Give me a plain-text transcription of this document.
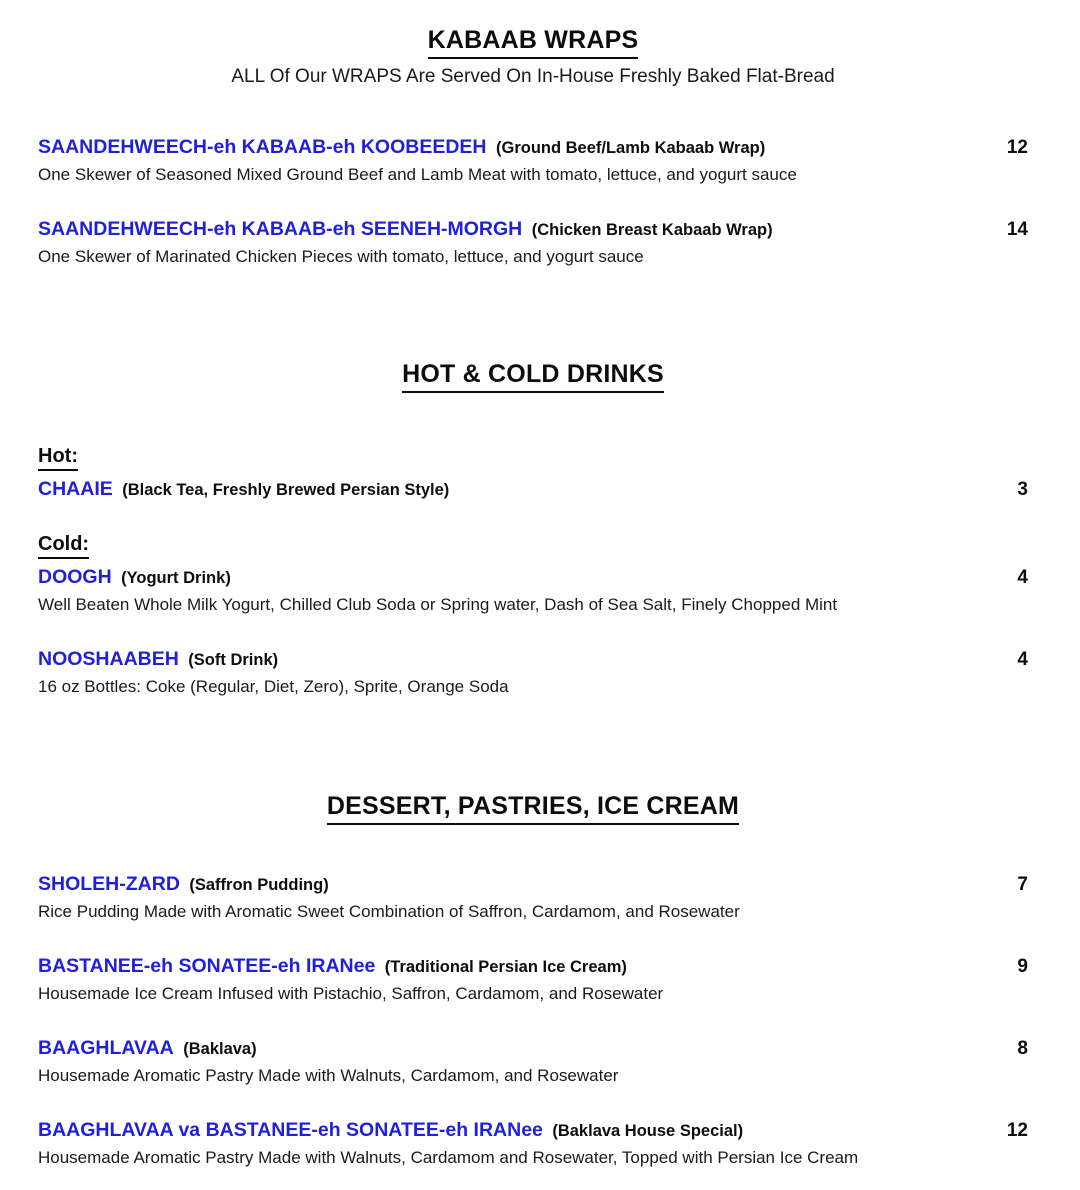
KABAAB WRAPS
ALL Of Our WRAPS Are Served On In-House Freshly Baked Flat-Bread
SAANDEHWEECH-eh KABAAB-eh KOOBEEDEH (Ground Beef/Lamb Kabaab Wrap)	12
One Skewer of Seasoned Mixed Ground Beef and Lamb Meat with tomato, lettuce, and yogurt sauce
SAANDEHWEECH-eh KABAAB-eh SEENEH-MORGH (Chicken Breast Kabaab Wrap)	14
One Skewer of Marinated Chicken Pieces with tomato, lettuce, and yogurt sauce
HOT & COLD DRINKS
Hot:
CHAAIE (Black Tea, Freshly Brewed Persian Style)	3
Cold:
DOOGH (Yogurt Drink)	4
Well Beaten Whole Milk Yogurt, Chilled Club Soda or Spring water, Dash of Sea Salt, Finely Chopped Mint
NOOSHAABEH (Soft Drink)	4
16 oz Bottles: Coke (Regular, Diet, Zero), Sprite, Orange Soda
DESSERT, PASTRIES, ICE CREAM
SHOLEH-ZARD (Saffron Pudding)	7
Rice Pudding Made with Aromatic Sweet Combination of Saffron, Cardamom, and Rosewater
BASTANEE-eh SONATEE-eh IRANee (Traditional Persian Ice Cream)	9
Housemade Ice Cream Infused with Pistachio, Saffron, Cardamom, and Rosewater
BAAGHLAVAA (Baklava)	8
Housemade Aromatic Pastry Made with Walnuts, Cardamom, and Rosewater
BAAGHLAVAA va BASTANEE-eh SONATEE-eh IRANee (Baklava House Special)	12
Housemade Aromatic Pastry Made with Walnuts, Cardamom and Rosewater, Topped with Persian Ice Cream
